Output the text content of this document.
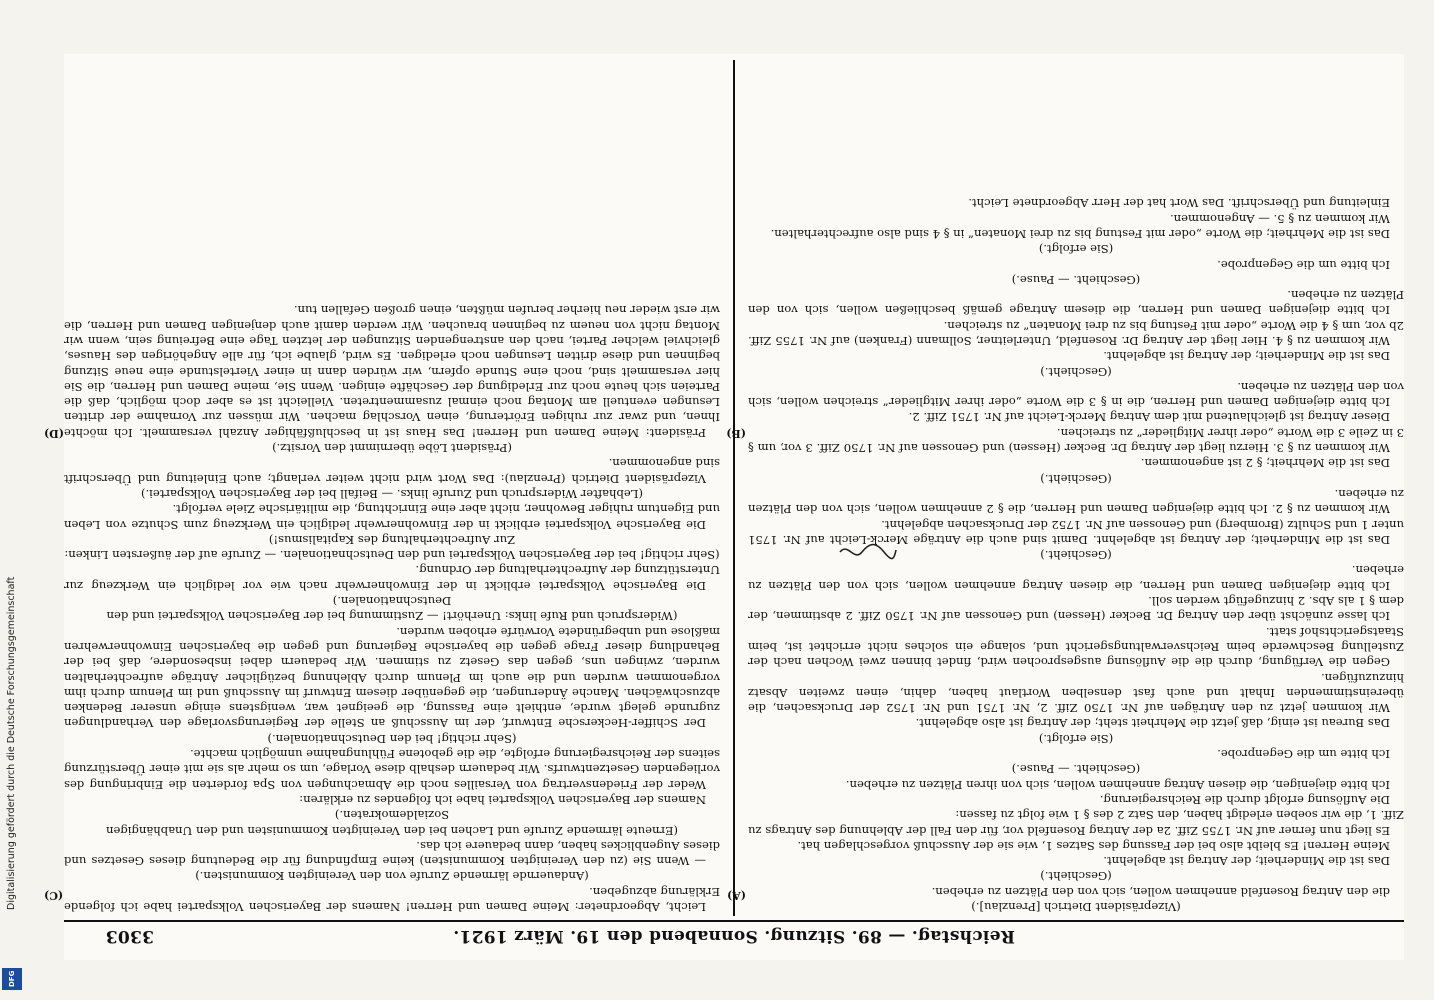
Reichstag. — 89. Sitzung. Sonnabend den 19. März 1921.
3303
(A)
(B)
(C)
(D)

(Vizepräsident Dietrich [Prenzlau].)

die den Antrag Rosenfeld annehmen wollen, sich von den Plätzen zu erheben.

(Geschieht.)

Das ist die Minderheit; der Antrag ist abgelehnt.

Meine Herren! Es bleibt also bei der Fassung des Satzes 1, wie sie der Ausschuß vorgeschlagen hat.

Es liegt nun ferner auf Nr. 1755 Ziff. 2a der Antrag Rosenfeld vor, für den Fall der Ablehnung des Antrags zu Ziff. 1, die wir soeben erledigt haben, den Satz 2 des § 1 wie folgt zu fassen:

Die Auflösung erfolgt durch die Reichsregierung.

Ich bitte diejenigen, die diesen Antrag annehmen wollen, sich von ihren Plätzen zu erheben.

(Geschieht. — Pause.)

Ich bitte um die Gegenprobe.

(Sie erfolgt.)

Das Bureau ist einig, daß jetzt die Mehrheit steht; der Antrag ist also abgelehnt.

Wir kommen jetzt zu den Anträgen auf Nr. 1750 Ziff. 2, Nr. 1751 und Nr. 1752 der Drucksachen, die übereinstimmenden Inhalt und auch fast denselben Wortlaut haben, dahin, einen zweiten Absatz hinzuzufügen.

Gegen die Verfügung, durch die die Auflösung ausgesprochen wird, findet binnen zwei Wochen nach der Zustellung Beschwerde beim Reichsverwaltungsgericht und, solange ein solches nicht errichtet ist, beim Staatsgerichtshof statt.

Ich lasse zunächst über den Antrag Dr. Becker (Hessen) und Genossen auf Nr. 1750 Ziff. 2 abstimmen, der dem § 1 als Abs. 2 hinzugefügt werden soll.

Ich bitte diejenigen Damen und Herren, die diesen Antrag annehmen wollen, sich von den Plätzen zu erheben.

(Geschieht.)

Das ist die Minderheit; der Antrag ist abgelehnt. Damit sind auch die Anträge Merck-Leicht auf Nr. 1751 unter 1 und Schultz (Bromberg) und Genossen auf Nr. 1752 der Drucksachen abgelehnt.

Wir kommen zu § 2. Ich bitte diejenigen Damen und Herren, die § 2 annehmen wollen, sich von den Plätzen zu erheben.

(Geschieht.)

Das ist die Mehrheit; § 2 ist angenommen.

Wir kommen zu § 3. Hierzu liegt der Antrag Dr. Becker (Hessen) und Genossen auf Nr. 1750 Ziff. 3 vor, um § 3 in Zeile 3 die Worte „oder ihrer Mitglieder“ zu streichen.

Dieser Antrag ist gleichlautend mit dem Antrag Merck-Leicht auf Nr. 1751 Ziff. 2.

Ich bitte diejenigen Damen und Herren, die in § 3 die Worte „oder ihrer Mitglieder“ streichen wollen, sich von den Plätzen zu erheben.

(Geschieht.)

Das ist die Minderheit; der Antrag ist abgelehnt.

Wir kommen zu § 4. Hier liegt der Antrag Dr. Rosenfeld, Unterleitner, Sollmann (Franken) auf Nr. 1755 Ziff. 2b vor, um § 4 die Worte „oder mit Festung bis zu drei Monaten“ zu streichen.

Ich bitte diejenigen Damen und Herren, die diesem Antrage gemäß beschließen wollen, sich von den Plätzen zu erheben.

(Geschieht. — Pause.)

Ich bitte um die Gegenprobe.

(Sie erfolgt.)

Das ist die Mehrheit; die Worte „oder mit Festung bis zu drei Monaten“ in § 4 sind also aufrechterhalten.

Wir kommen zu § 5. — Angenommen.

Einleitung und Überschrift. Das Wort hat der Herr Abgeordnete Leicht.

Leicht, Abgeordneter: Meine Damen und Herren! Namens der Bayerischen Volkspartei habe ich folgende Erklärung abzugeben.

(Andauernde lärmende Zurufe von den Vereinigten Kommunisten.)

— Wenn Sie (zu den Vereinigten Kommunisten) keine Empfindung für die Bedeutung dieses Gesetzes und dieses Augenblickes haben, dann bedauere ich das.

(Erneute lärmende Zurufe und Lachen bei den Vereinigten Kommunisten und den Unabhängigen Sozialdemokraten.)

Namens der Bayerischen Volkspartei habe ich folgendes zu erklären:

Weder der Friedensvertrag von Versailles noch die Abmachungen von Spa forderten die Einbringung des vorliegenden Gesetzentwurfs. Wir bedauern deshalb diese Vorlage, um so mehr als sie mit einer Überstürzung seitens der Reichsregierung erfolgte, die die gebotene Fühlungnahme unmöglich machte.

(Sehr richtig! bei den Deutschnationalen.)

Der Schiffer-Heckersche Entwurf, der im Ausschuß an Stelle der Regierungsvorlage den Verhandlungen zugrunde gelegt wurde, enthielt eine Fassung, die geeignet war, wenigstens einige unserer Bedenken abzuschwächen. Manche Änderungen, die gegenüber diesem Entwurf im Ausschuß und im Plenum durch ihm vorgenommen wurden und die auch im Plenum durch Ablehnung bezüglicher Anträge aufrechterhalten wurden, zwingen uns, gegen das Gesetz zu stimmen. Wir bedauern dabei insbesondere, daß bei der Behandlung dieser Frage gegen die bayerische Regierung und gegen die bayerischen Einwohnerwehren maßlose und unbegründete Vorwürfe erhoben wurden.

(Widerspruch und Rufe links: Unerhört! — Zustimmung bei der Bayerischen Volkspartei und den Deutschnationalen.)

Die Bayerische Volkspartei erblickt in der Einwohnerwehr nach wie vor lediglich ein Werkzeug zur Unterstützung der Aufrechterhaltung der Ordnung.

(Sehr richtig! bei der Bayerischen Volkspartei und den Deutschnationalen. — Zurufe auf der äußersten Linken: Zur Aufrechterhaltung des Kapitalismus!)

Die Bayerische Volkspartei erblickt in der Einwohnerwehr lediglich ein Werkzeug zum Schutze von Leben und Eigentum ruhiger Bewohner, nicht aber eine Einrichtung, die militärische Ziele verfolgt.

(Lebhafter Widerspruch und Zurufe links. — Beifall bei der Bayerischen Volkspartei.)

Vizepräsident Dietrich (Prenzlau): Das Wort wird nicht weiter verlangt; auch Einleitung und Überschrift sind angenommen.

(Präsident Löbe übernimmt den Vorsitz.)

Präsident: Meine Damen und Herren! Das Haus ist in beschlußfähiger Anzahl versammelt. Ich möchte Ihnen, und zwar zur ruhigen Erörterung, einen Vorschlag machen. Wir müssen zur Vornahme der dritten Lesungen eventuell am Montag noch einmal zusammentreten. Vielleicht ist es aber doch möglich, daß die Parteien sich heute noch zur Erledigung der Geschäfte einigen. Wenn Sie, meine Damen und Herren, die Sie hier versammelt sind, noch eine Stunde opfern, wir würden dann in einer Viertelstunde eine neue Sitzung beginnen und diese dritten Lesungen noch erledigen. Es wird, glaube ich, für alle Angehörigen des Hauses, gleichviel welcher Partei, nach den anstrengenden Sitzungen der letzten Tage eine Befreiung sein, wenn wir Montag nicht von neuem zu beginnen brauchen. Wir werden damit auch denjenigen Damen und Herren, die wir erst wieder neu hierher berufen müßten, einen großen Gefallen tun.

Digitalisierung gefördert durch die Deutsche Forschungsgemeinschaft
DFG
